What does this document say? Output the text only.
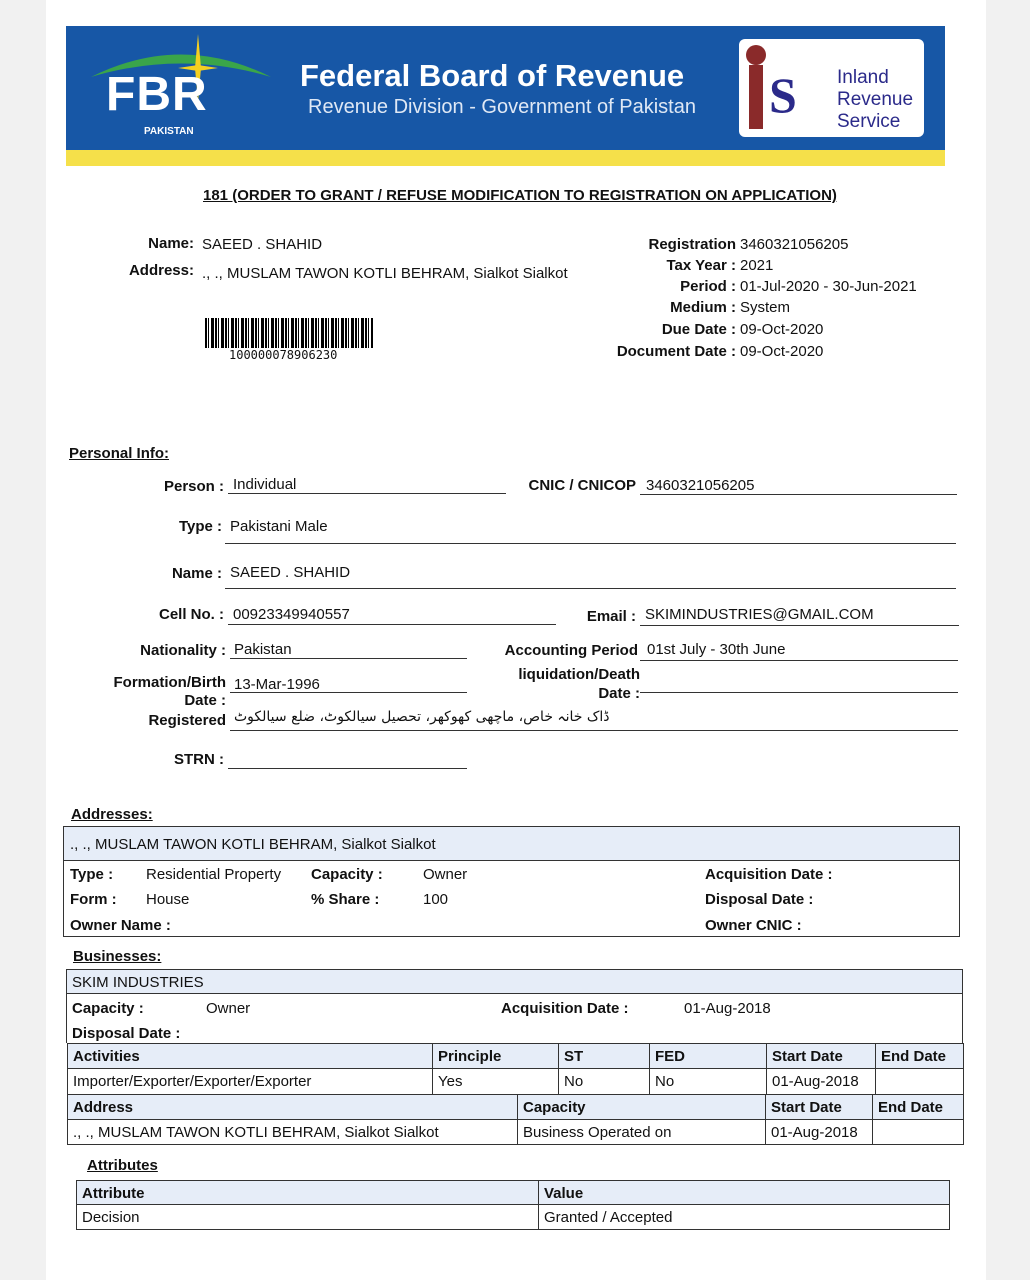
FBR
PAKISTAN
Federal Board of Revenue
Revenue Division - Government of Pakistan S Inland
Revenue
Service
181 (ORDER TO GRANT / REFUSE MODIFICATION TO REGISTRATION ON APPLICATION)
Name: SAEED . SHAHID
Address: ., ., MUSLAM TAWON KOTLI BEHRAM, Sialkot Sialkot
100000078906230
Registration 3460321056205
Tax Year : 2021
Period : 01-Jul-2020 - 30-Jun-2021
Medium : System
Due Date : 09-Oct-2020
Document Date : 09-Oct-2020
Personal Info:
Person : Individual	CNIC / CNICOP 3460321056205
Type : Pakistani Male
Name : SAEED . SHAHID
Cell No. : 00923349940557	Email : SKIMINDUSTRIES@GMAIL.COM
Nationality : Pakistan	Accounting Period 01st July - 30th June
Formation/Birth
Date :
13-Mar-1996
liquidation/Death
Date :
Registered ڈاک خانہ خاص، ماچھی کھوکھر، تحصیل سیالکوٹ، ضلع سیالکوٹ
STRN :
Addresses:
., ., MUSLAM TAWON KOTLI BEHRAM, Sialkot Sialkot
Type : Residential Property Capacity :	Owner	Acquisition Date :
Form : House	% Share :	100	Disposal Date :
Owner Name :	Owner CNIC :
Businesses:
SKIM INDUSTRIES
Capacity :	Owner	Acquisition Date :	01-Aug-2018
Disposal Date :
Activities	Principle	ST	FED	Start Date	End Date
Importer/Exporter/Exporter/Exporter	Yes	No	No	01-Aug-2018
Address	Capacity	Start Date	End Date
., ., MUSLAM TAWON KOTLI BEHRAM, Sialkot Sialkot	Business Operated on	01-Aug-2018
Attributes
Attribute	Value
Decision	Granted / Accepted
